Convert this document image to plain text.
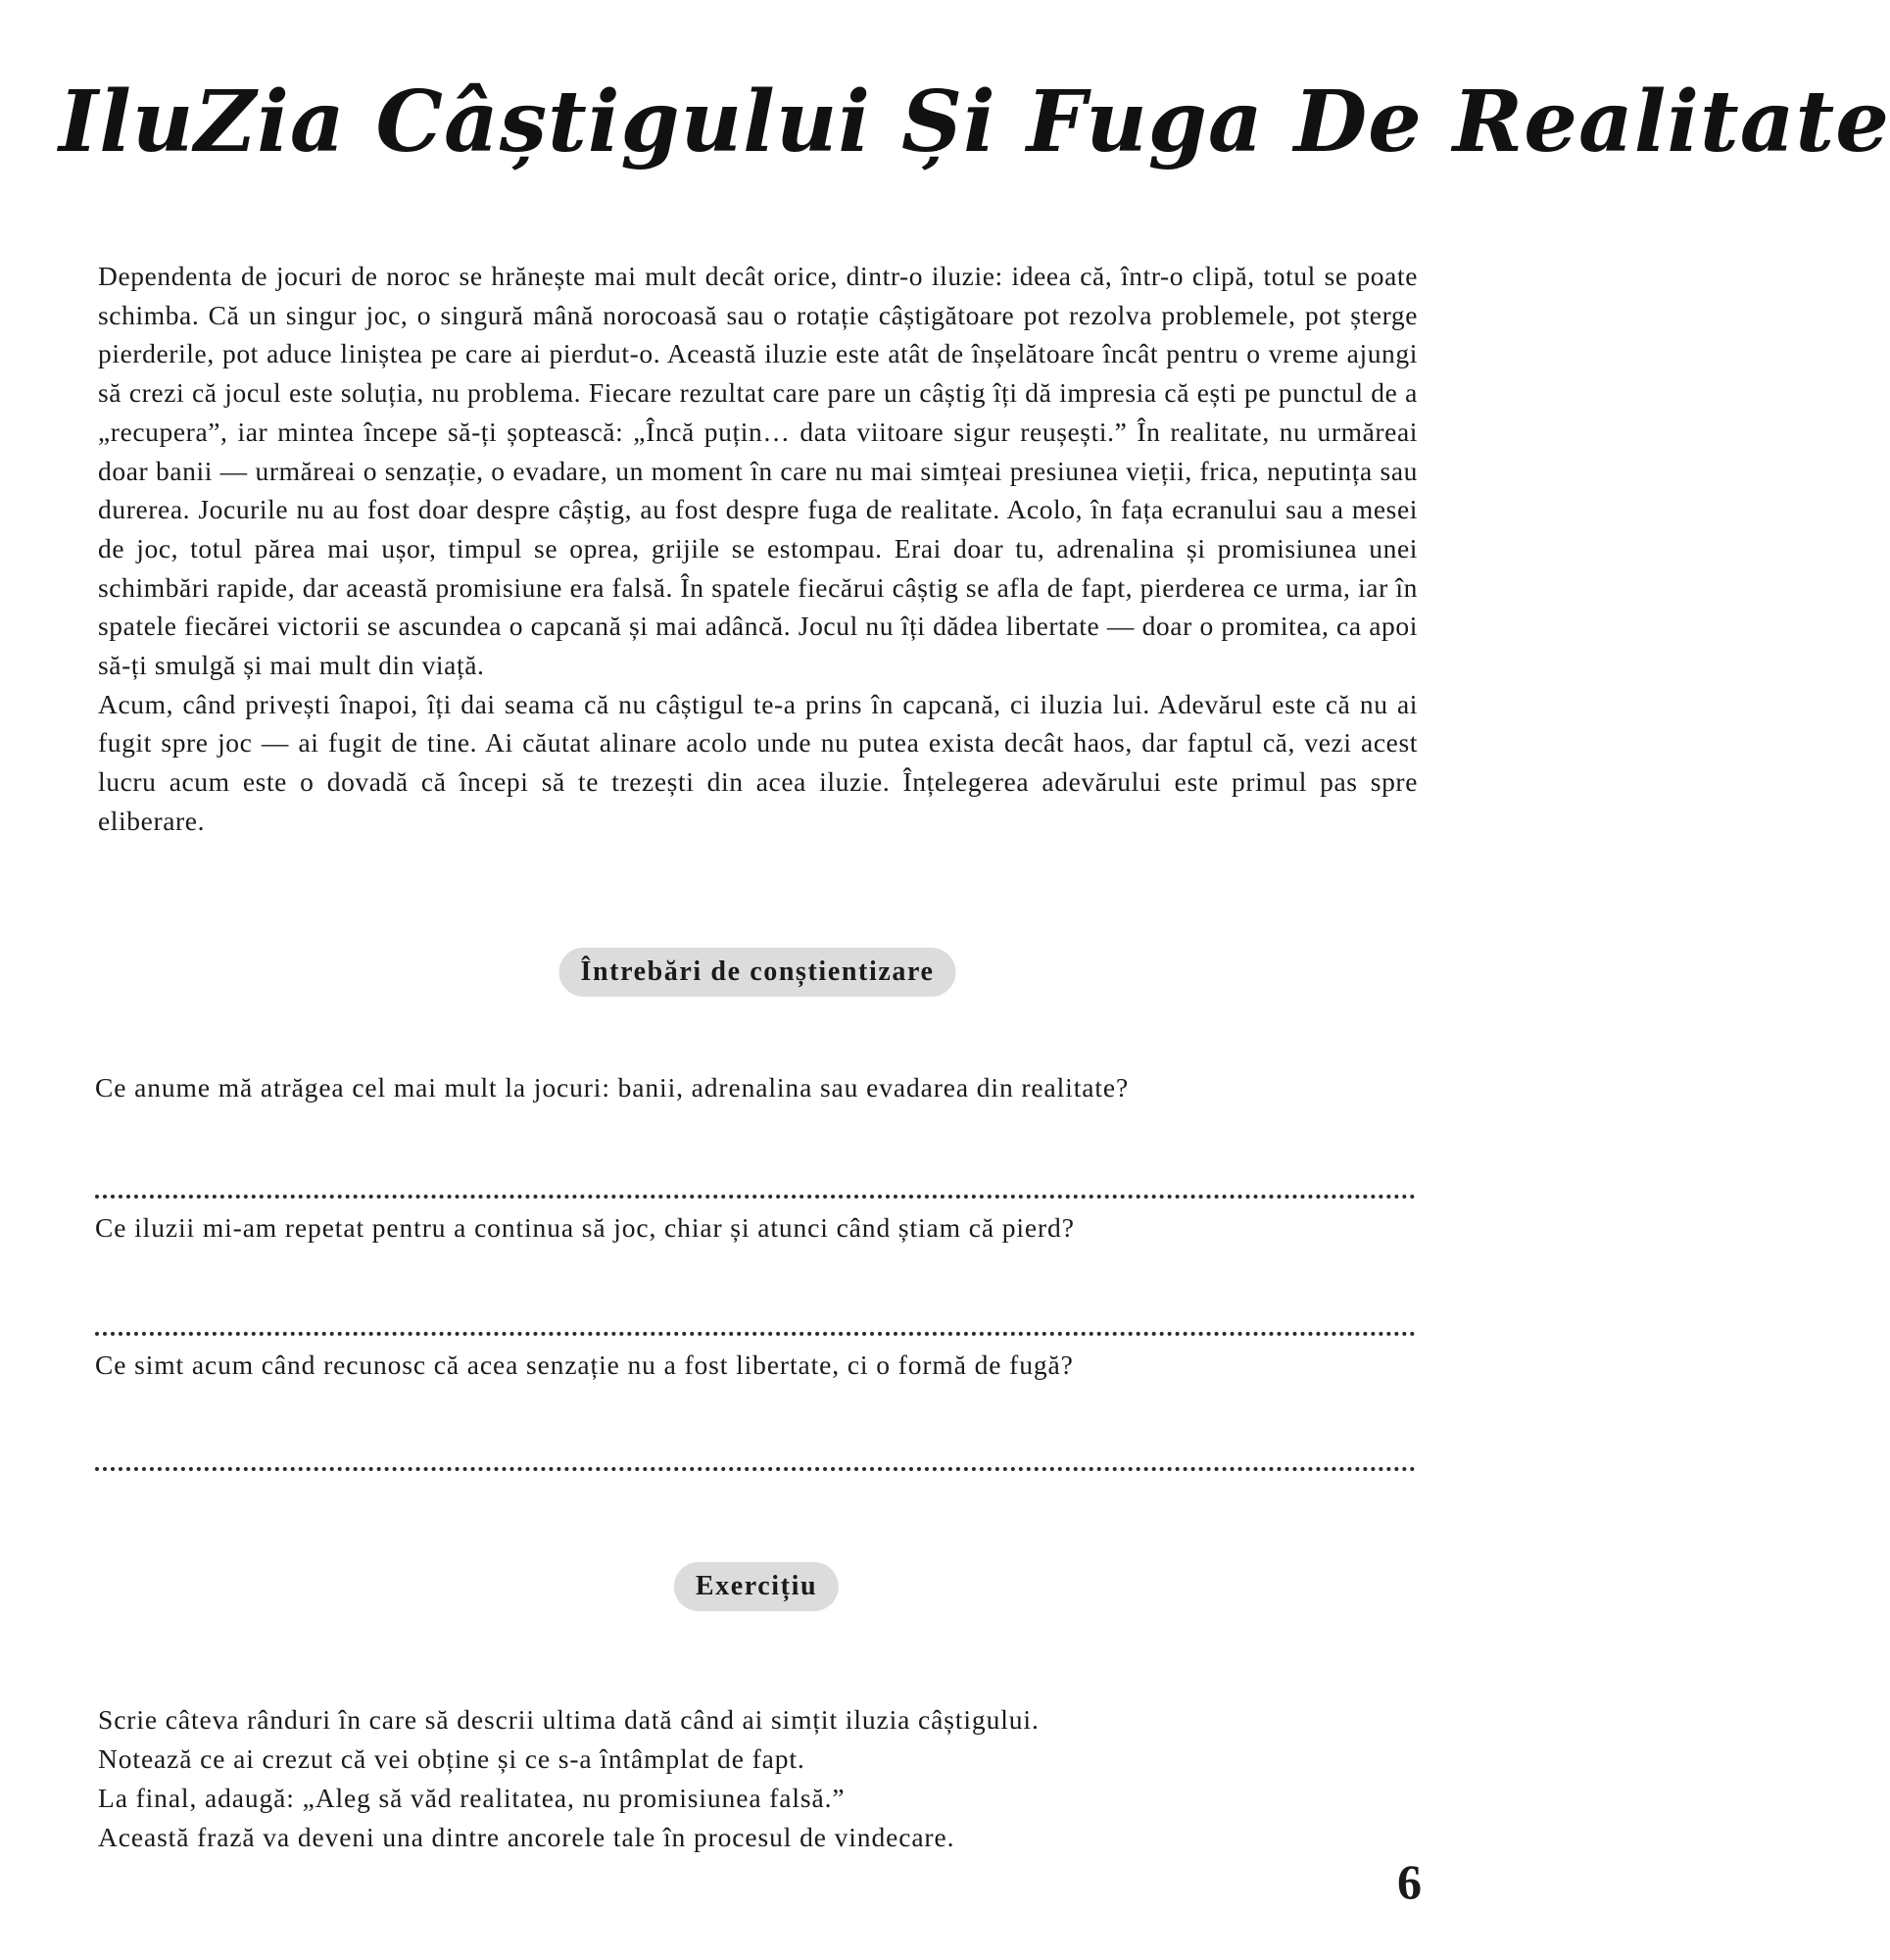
IluZia Câștigului Și Fuga De Realitate

Dependenta de jocuri de noroc se hrănește mai mult decât orice, dintr-o iluzie: ideea că, într-o clipă, totul se poate schimba. Că un singur joc, o singură mână norocoasă sau o rotație câștigătoare pot rezolva problemele, pot șterge pierderile, pot aduce liniștea pe care ai pierdut-o. Această iluzie este atât de înșelătoare încât pentru o vreme ajungi să crezi că jocul este soluția, nu problema. Fiecare rezultat care pare un câștig îți dă impresia că ești pe punctul de a „recupera”, iar mintea începe să-ți șoptească: „Încă puțin… data viitoare sigur reușești.” În realitate, nu urmăreai doar banii — urmăreai o senzație, o evadare, un moment în care nu mai simțeai presiunea vieții, frica, neputința sau durerea. Jocurile nu au fost doar despre câștig, au fost despre fuga de realitate. Acolo, în fața ecranului sau a mesei de joc, totul părea mai ușor, timpul se oprea, grijile se estompau. Erai doar tu, adrenalina și promisiunea unei schimbări rapide, dar această promisiune era falsă. În spatele fiecărui câștig se afla de fapt, pierderea ce urma, iar în spatele fiecărei victorii se ascundea o capcană și mai adâncă. Jocul nu îți dădea libertate — doar o promitea, ca apoi să-ți smulgă și mai mult din viață.

Acum, când privești înapoi, îți dai seama că nu câștigul te-a prins în capcană, ci iluzia lui. Adevărul este că nu ai fugit spre joc — ai fugit de tine. Ai căutat alinare acolo unde nu putea exista decât haos, dar faptul că, vezi acest lucru acum este o dovadă că începi să te trezești din acea iluzie. Înțelegerea adevărului este primul pas spre eliberare.

Întrebări de conștientizare

Ce anume mă atrăgea cel mai mult la jocuri: banii, adrenalina sau evadarea din realitate?

Ce iluzii mi-am repetat pentru a continua să joc, chiar și atunci când știam că pierd?

Ce simt acum când recunosc că acea senzație nu a fost libertate, ci o formă de fugă?

Exercițiu

Scrie câteva rânduri în care să descrii ultima dată când ai simțit iluzia câștigului.

Notează ce ai crezut că vei obține și ce s-a întâmplat de fapt.

La final, adaugă: „Aleg să văd realitatea, nu promisiunea falsă.”

Această frază va deveni una dintre ancorele tale în procesul de vindecare.

6
